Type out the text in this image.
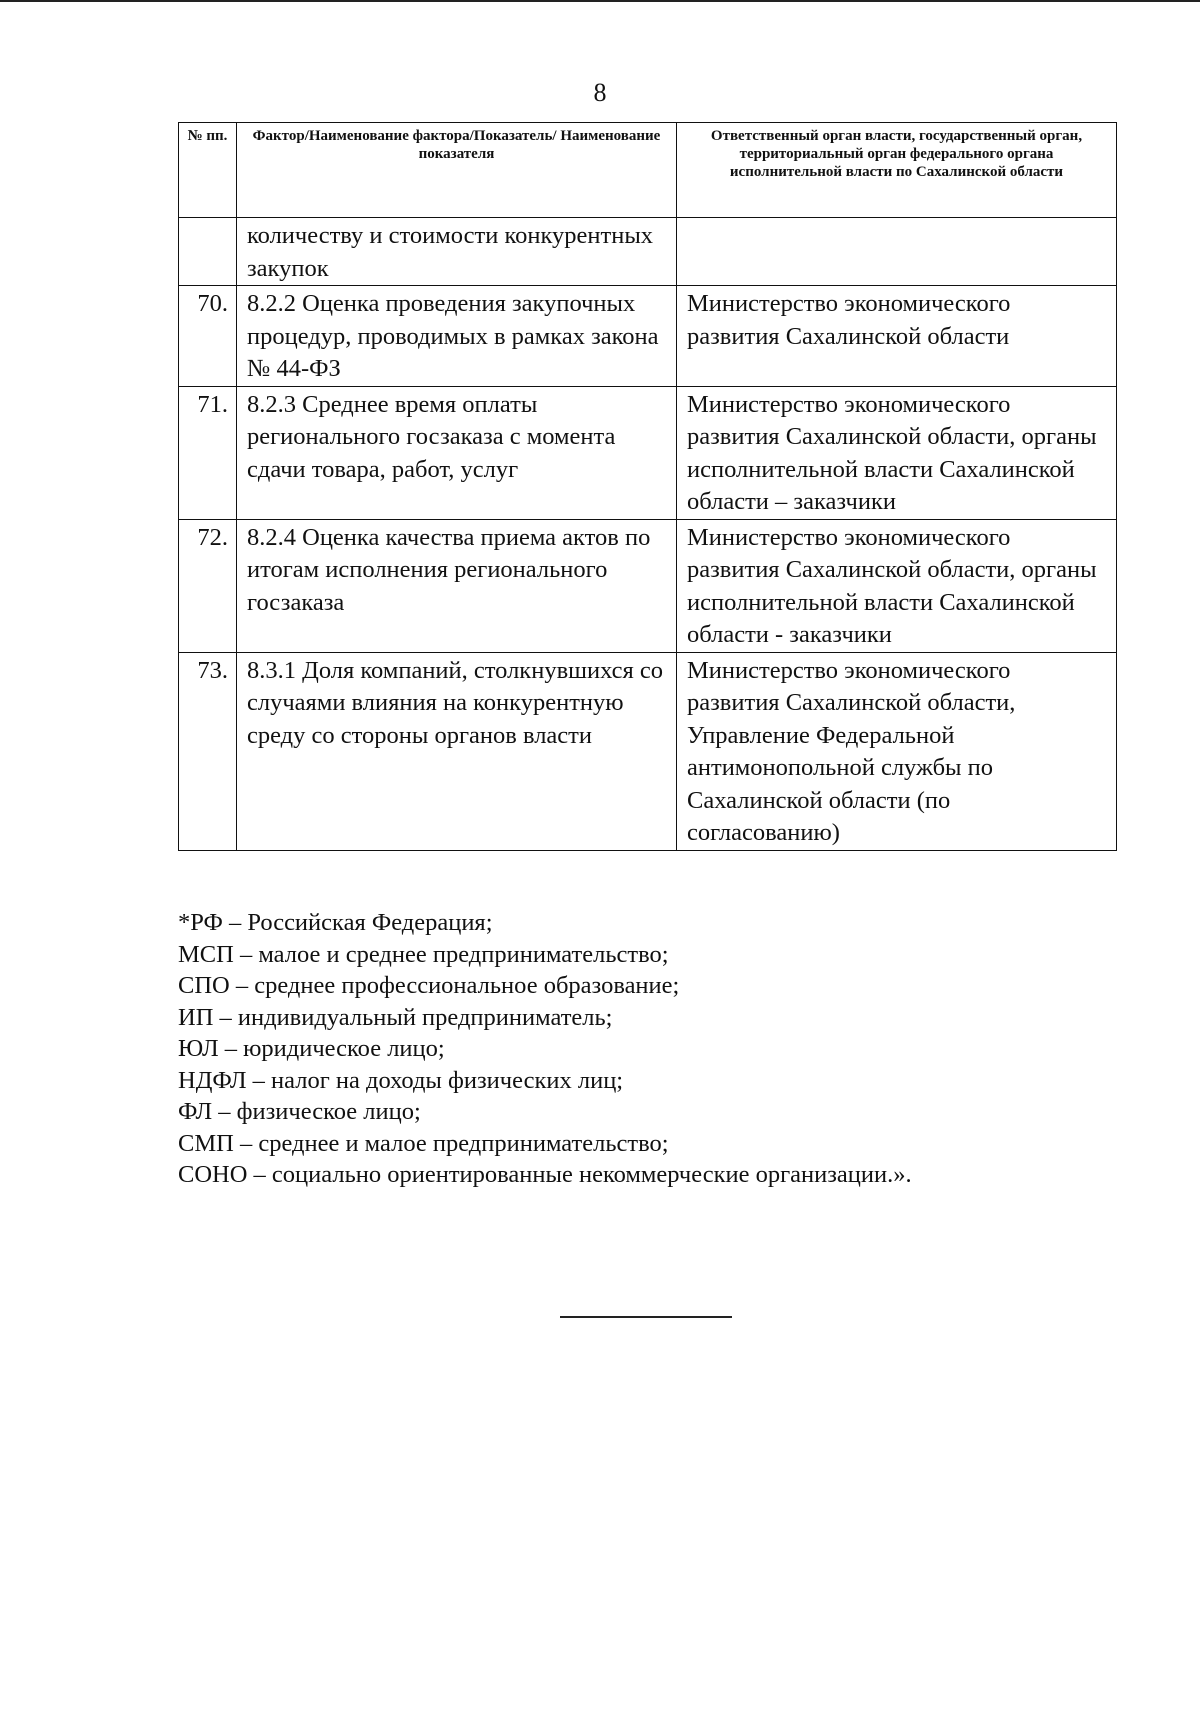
8
№ пп.	Фактор/Наименование фактора/Показатель/ Наименование показателя	Ответственный орган власти, государственный орган, территориальный орган федерального органа исполнительной власти по Сахалинской области
	количеству и стоимости конкурентных закупок	
70.	8.2.2 Оценка проведения закупочных процедур, проводимых в рамках закона № 44-ФЗ	Министерство экономического развития Сахалинской области
71.	8.2.3 Среднее время оплаты регионального госзаказа с момента сдачи товара, работ, услуг	Министерство экономического развития Сахалинской области, органы исполнительной власти Сахалинской области – заказчики
72.	8.2.4 Оценка качества приема актов по итогам исполнения регионального госзаказа	Министерство экономического развития Сахалинской области, органы исполнительной власти Сахалинской области - заказчики
73.	8.3.1 Доля компаний, столкнувшихся со случаями влияния на конкурентную среду со стороны органов власти	Министерство экономического развития Сахалинской области, Управление Федеральной антимонопольной службы по Сахалинской области (по согласованию)
*РФ – Российская Федерация;
МСП – малое и среднее предпринимательство;
СПО – среднее профессиональное образование;
ИП – индивидуальный предприниматель;
ЮЛ – юридическое лицо;
НДФЛ – налог на доходы физических лиц;
ФЛ – физическое лицо;
СМП – среднее и малое предпринимательство;
СОНО – социально ориентированные некоммерческие организации.».
